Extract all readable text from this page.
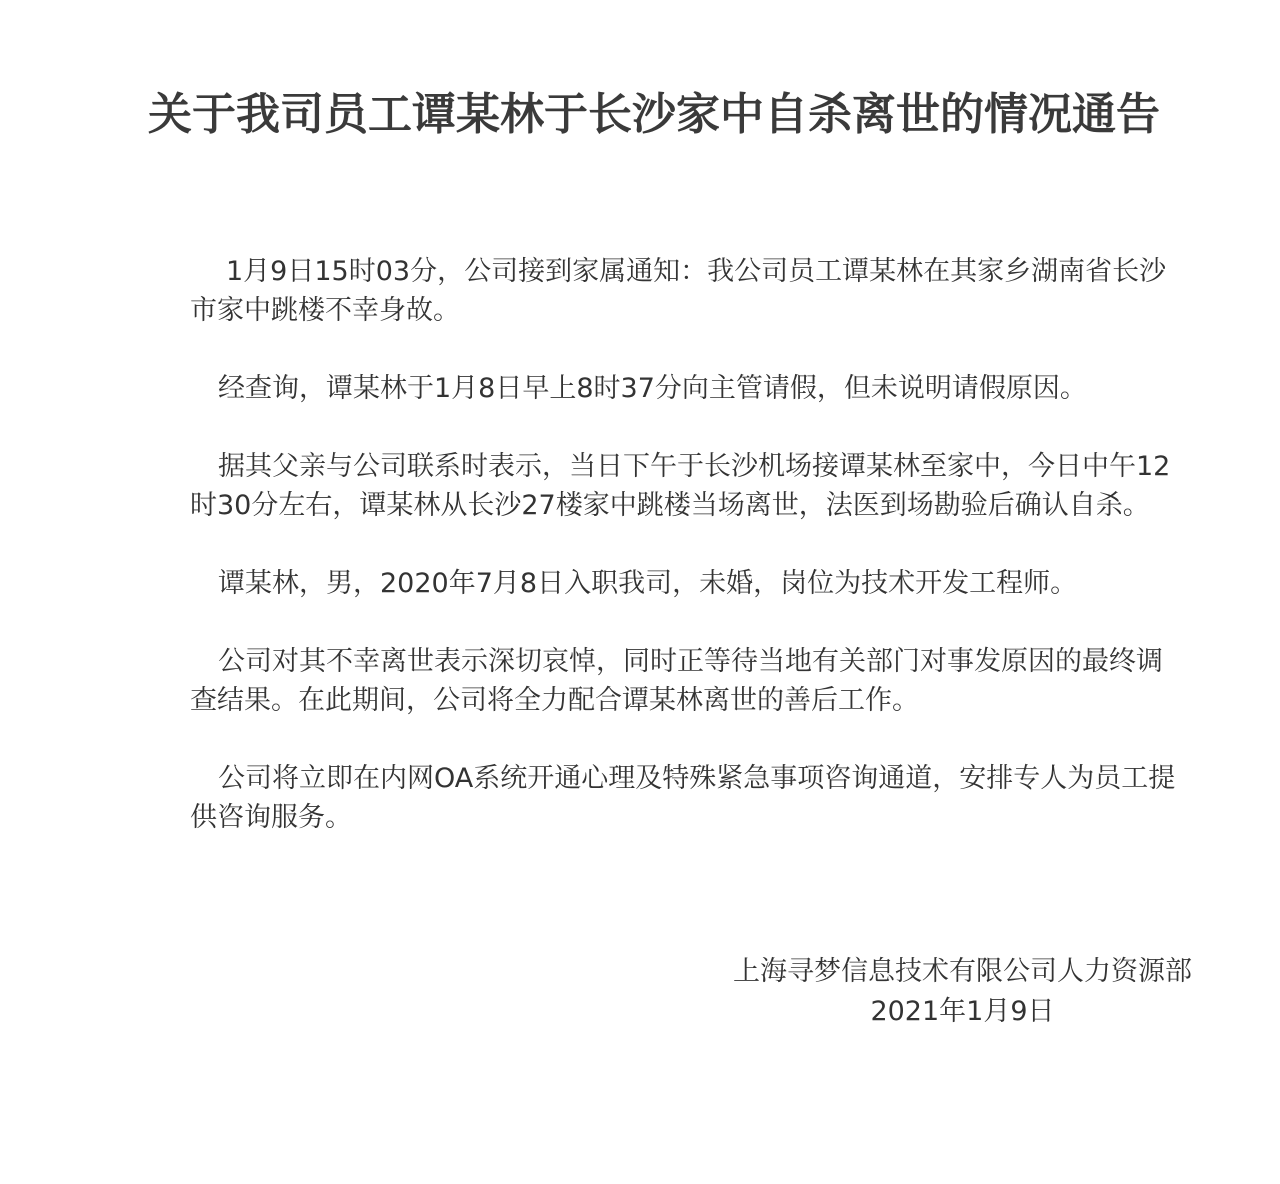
关于我司员工谭某林于长沙家中自杀离世的情况通告

1月9日15时03分，公司接到家属通知：我公司员工谭某林在其家乡湖南省长沙市家中跳楼不幸身故。

经查询，谭某林于1月8日早上8时37分向主管请假，但未说明请假原因。

据其父亲与公司联系时表示，当日下午于长沙机场接谭某林至家中，今日中午12时30分左右，谭某林从长沙27楼家中跳楼当场离世，法医到场勘验后确认自杀。

谭某林，男，2020年7月8日入职我司，未婚，岗位为技术开发工程师。

公司对其不幸离世表示深切哀悼，同时正等待当地有关部门对事发原因的最终调查结果。在此期间，公司将全力配合谭某林离世的善后工作。

公司将立即在内网OA系统开通心理及特殊紧急事项咨询通道，安排专人为员工提供咨询服务。

上海寻梦信息技术有限公司人力资源部
2021年1月9日
